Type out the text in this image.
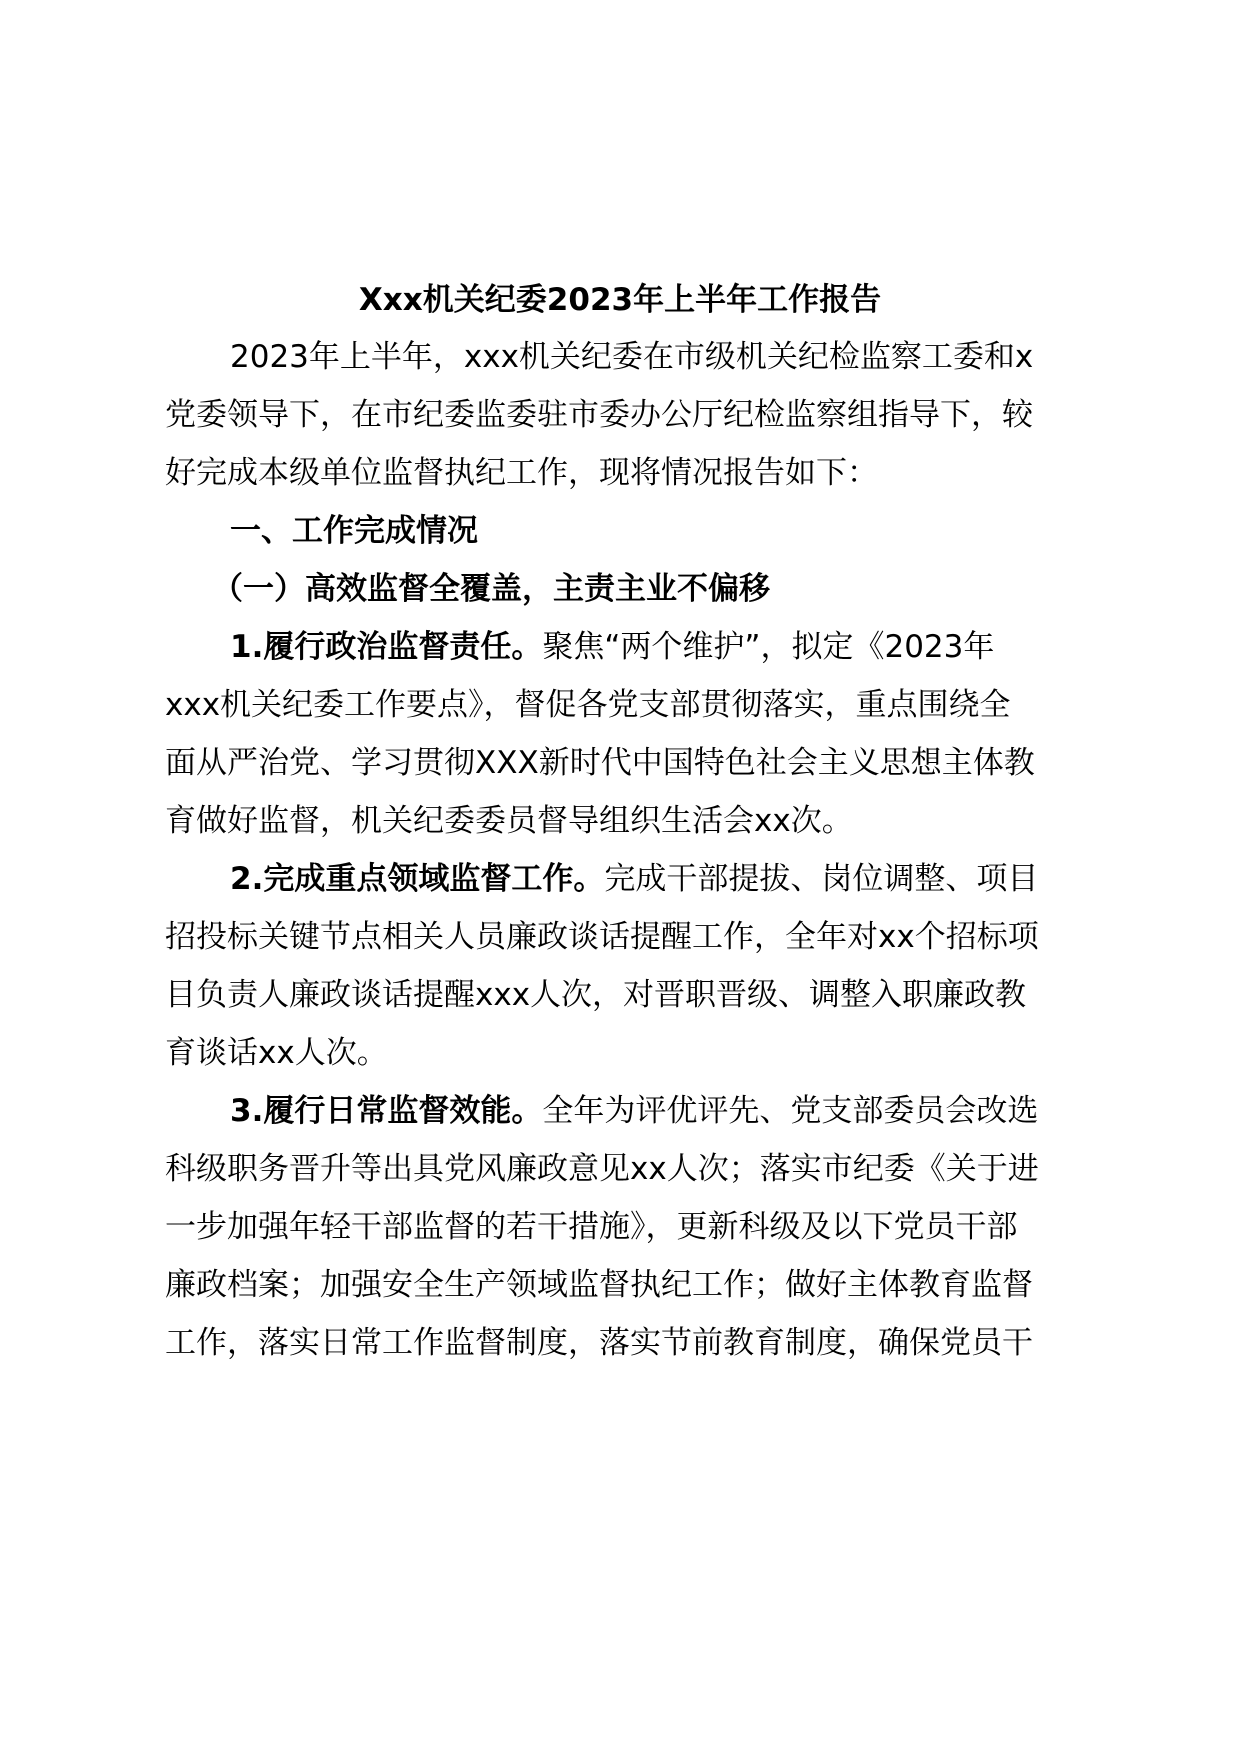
Xxx机关纪委2023年上半年工作报告
2023年上半年，xxx机关纪委在市级机关纪检监察工委和x
党委领导下，在市纪委监委驻市委办公厅纪检监察组指导下，较
好完成本级单位监督执纪工作，现将情况报告如下：
一、工作完成情况
（一）高效监督全覆盖，主责主业不偏移
1.履行政治监督责任。聚焦“两个维护”，拟定《2023年
xxx机关纪委工作要点》，督促各党支部贯彻落实，重点围绕全
面从严治党、学习贯彻XXX新时代中国特色社会主义思想主体教
育做好监督，机关纪委委员督导组织生活会xx次。
2.完成重点领域监督工作。完成干部提拔、岗位调整、项目
招投标关键节点相关人员廉政谈话提醒工作，全年对xx个招标项
目负责人廉政谈话提醒xxx人次，对晋职晋级、调整入职廉政教
育谈话xx人次。
3.履行日常监督效能。全年为评优评先、党支部委员会改选
科级职务晋升等出具党风廉政意见xx人次；落实市纪委《关于进
一步加强年轻干部监督的若干措施》，更新科级及以下党员干部
廉政档案；加强安全生产领域监督执纪工作；做好主体教育监督
工作，落实日常工作监督制度，落实节前教育制度，确保党员干
